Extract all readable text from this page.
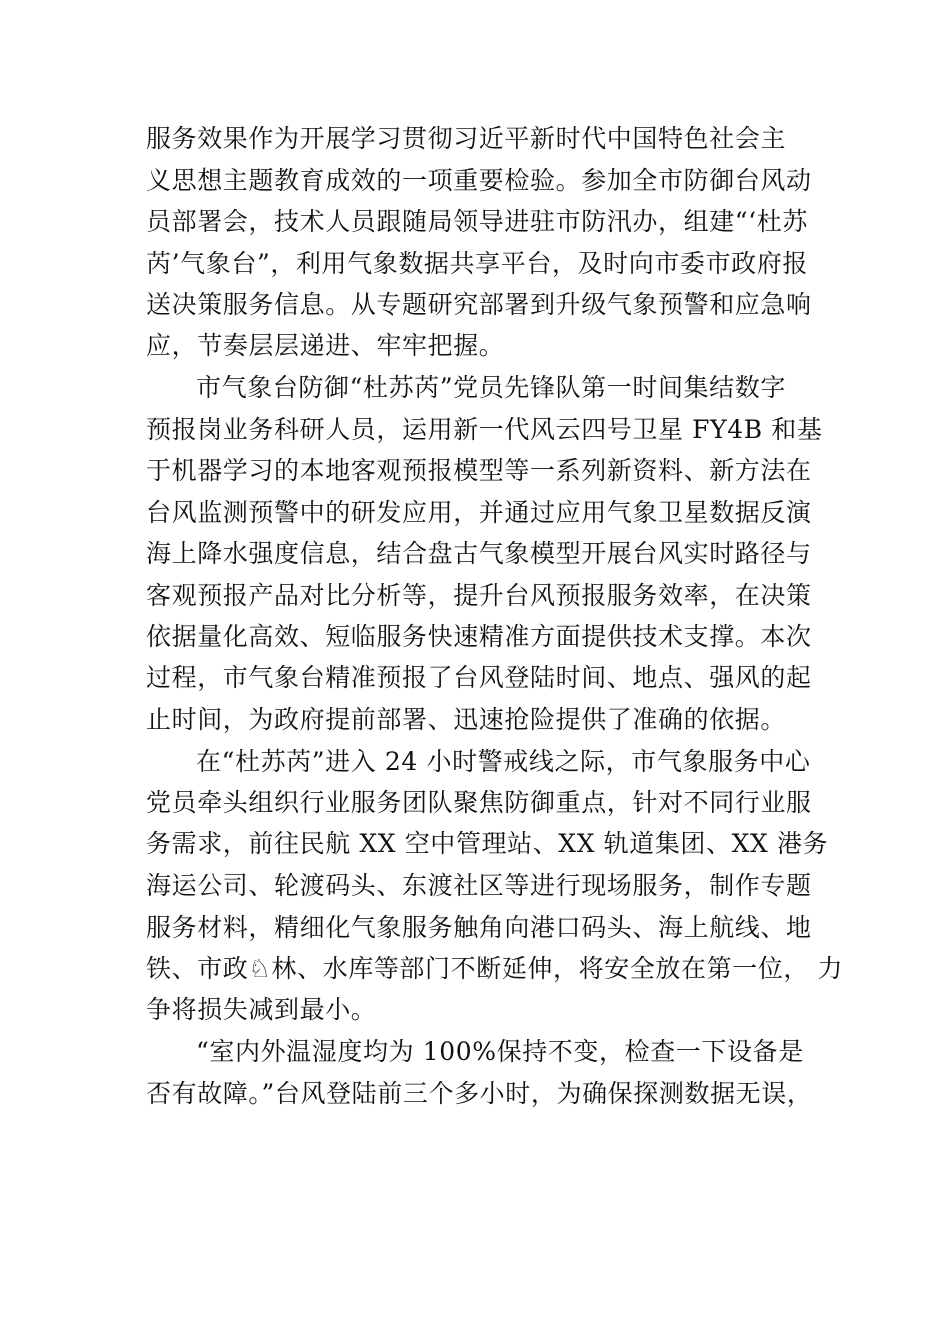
服务效果作为开展学习贯彻习近平新时代中国特色社会主

义思想主题教育成效的一项重要检验。参加全市防御台风动

员部署会，技术人员跟随局领导进驻市防汛办，组建“‘杜苏

芮’气象台”，利用气象数据共享平台，及时向市委市政府报

送决策服务信息。从专题研究部署到升级气象预警和应急响

应，节奏层层递进、牢牢把握。

市气象台防御“杜苏芮”党员先锋队第一时间集结数字

预报岗业务科研人员，运用新一代风云四号卫星 FY4B 和基

于机器学习的本地客观预报模型等一系列新资料、新方法在

台风监测预警中的研发应用，并通过应用气象卫星数据反演

海上降水强度信息，结合盘古气象模型开展台风实时路径与

客观预报产品对比分析等，提升台风预报服务效率，在决策

依据量化高效、短临服务快速精准方面提供技术支撑。本次

过程，市气象台精准预报了台风登陆时间、地点、强风的起

止时间，为政府提前部署、迅速抢险提供了准确的依据。

在“杜苏芮”进入 24 小时警戒线之际，市气象服务中心

党员牵头组织行业服务团队聚焦防御重点，针对不同行业服

务需求，前往民航 XX 空中管理站、XX 轨道集团、XX 港务

海运公司、轮渡码头、东渡社区等进行现场服务，制作专题

服务材料，精细化气象服务触角向港口码头、海上航线、地

铁、市政♘林、水库等部门不断延伸，将安全放在第一位， 力

争将损失减到最小。

“室内外温湿度均为 100%保持不变，检查一下设备是

否有故障。”台风登陆前三个多小时，为确保探测数据无误，
